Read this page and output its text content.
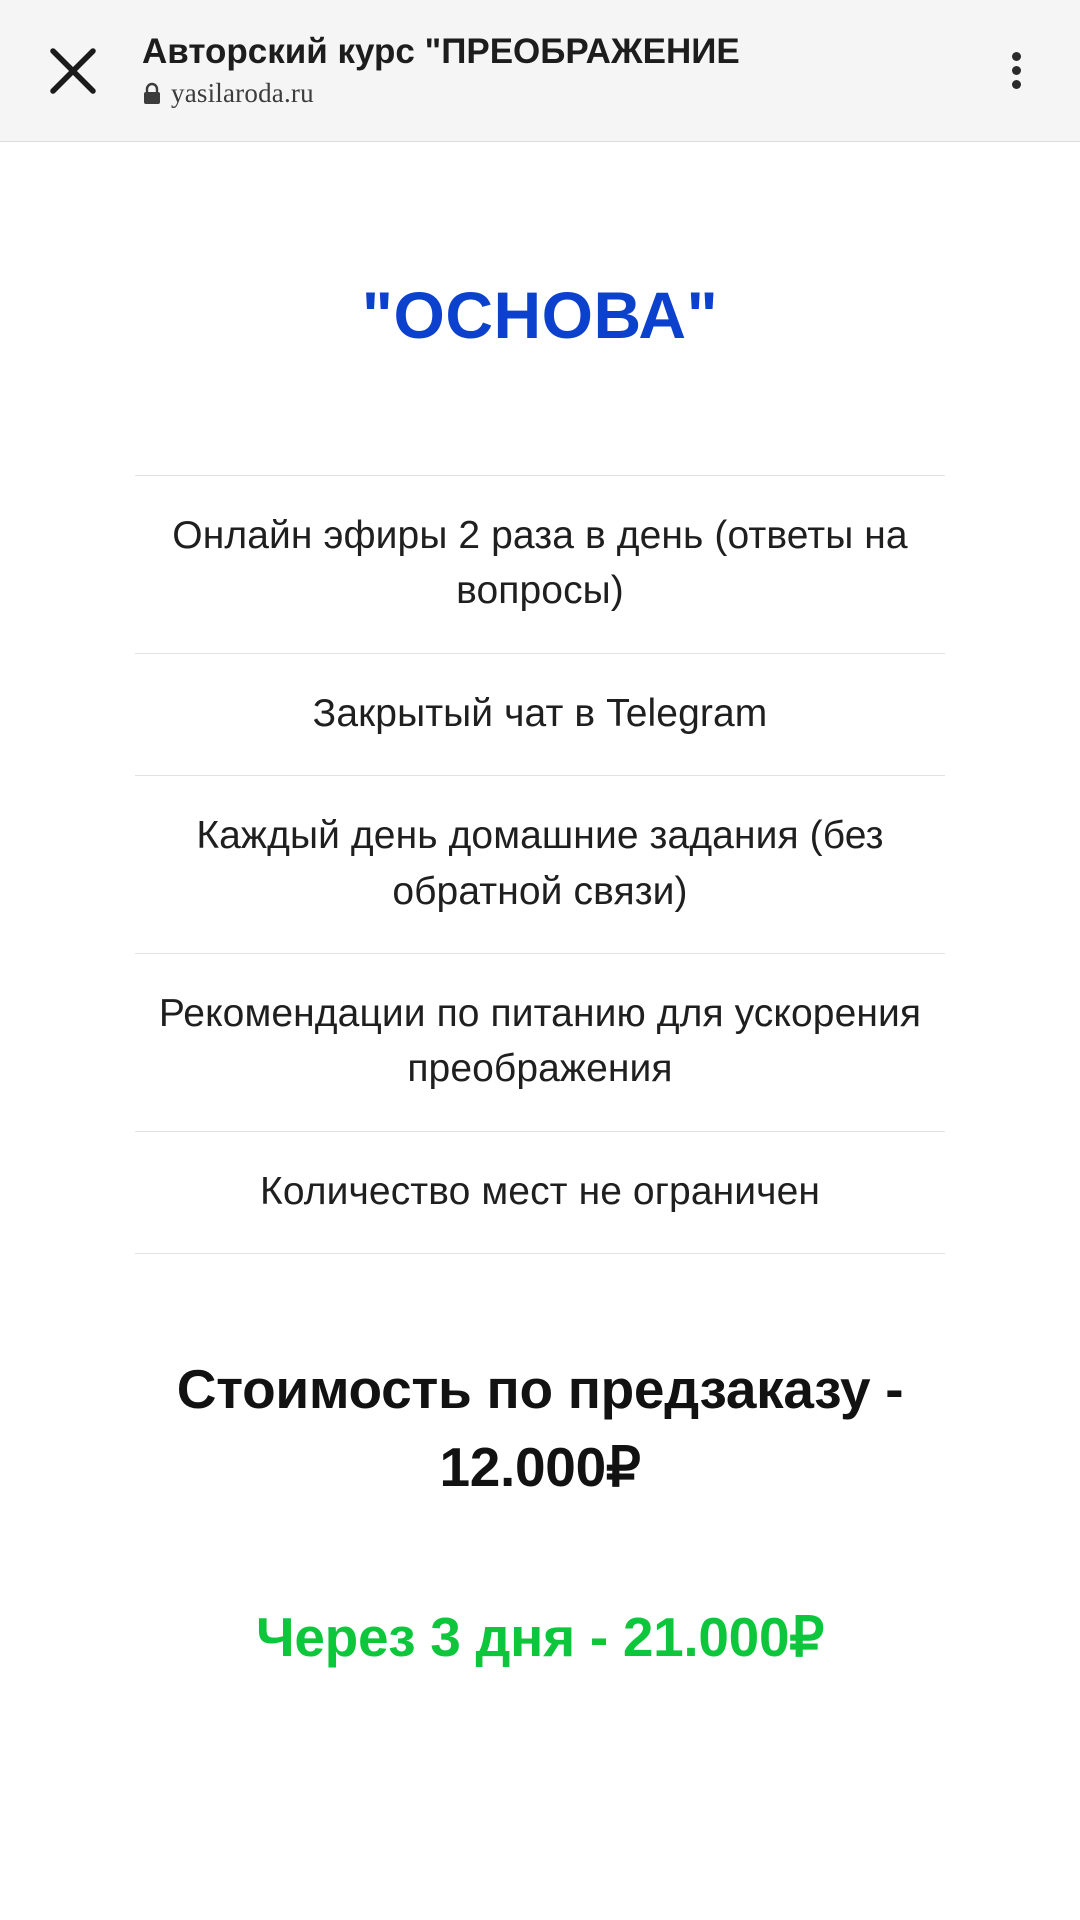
Авторский курс "ПРЕОБРАЖЕНИЕ
yasilaroda.ru
"ОСНОВА"
Онлайн эфиры 2 раза в день (ответы на вопросы)
Закрытый чат в Telegram
Каждый день домашние задания (без обратной связи)
Рекомендации по питанию для ускорения преображения
Количество мест не ограничен
Стоимость по предзаказу - 12.000₽
Через 3 дня - 21.000₽
